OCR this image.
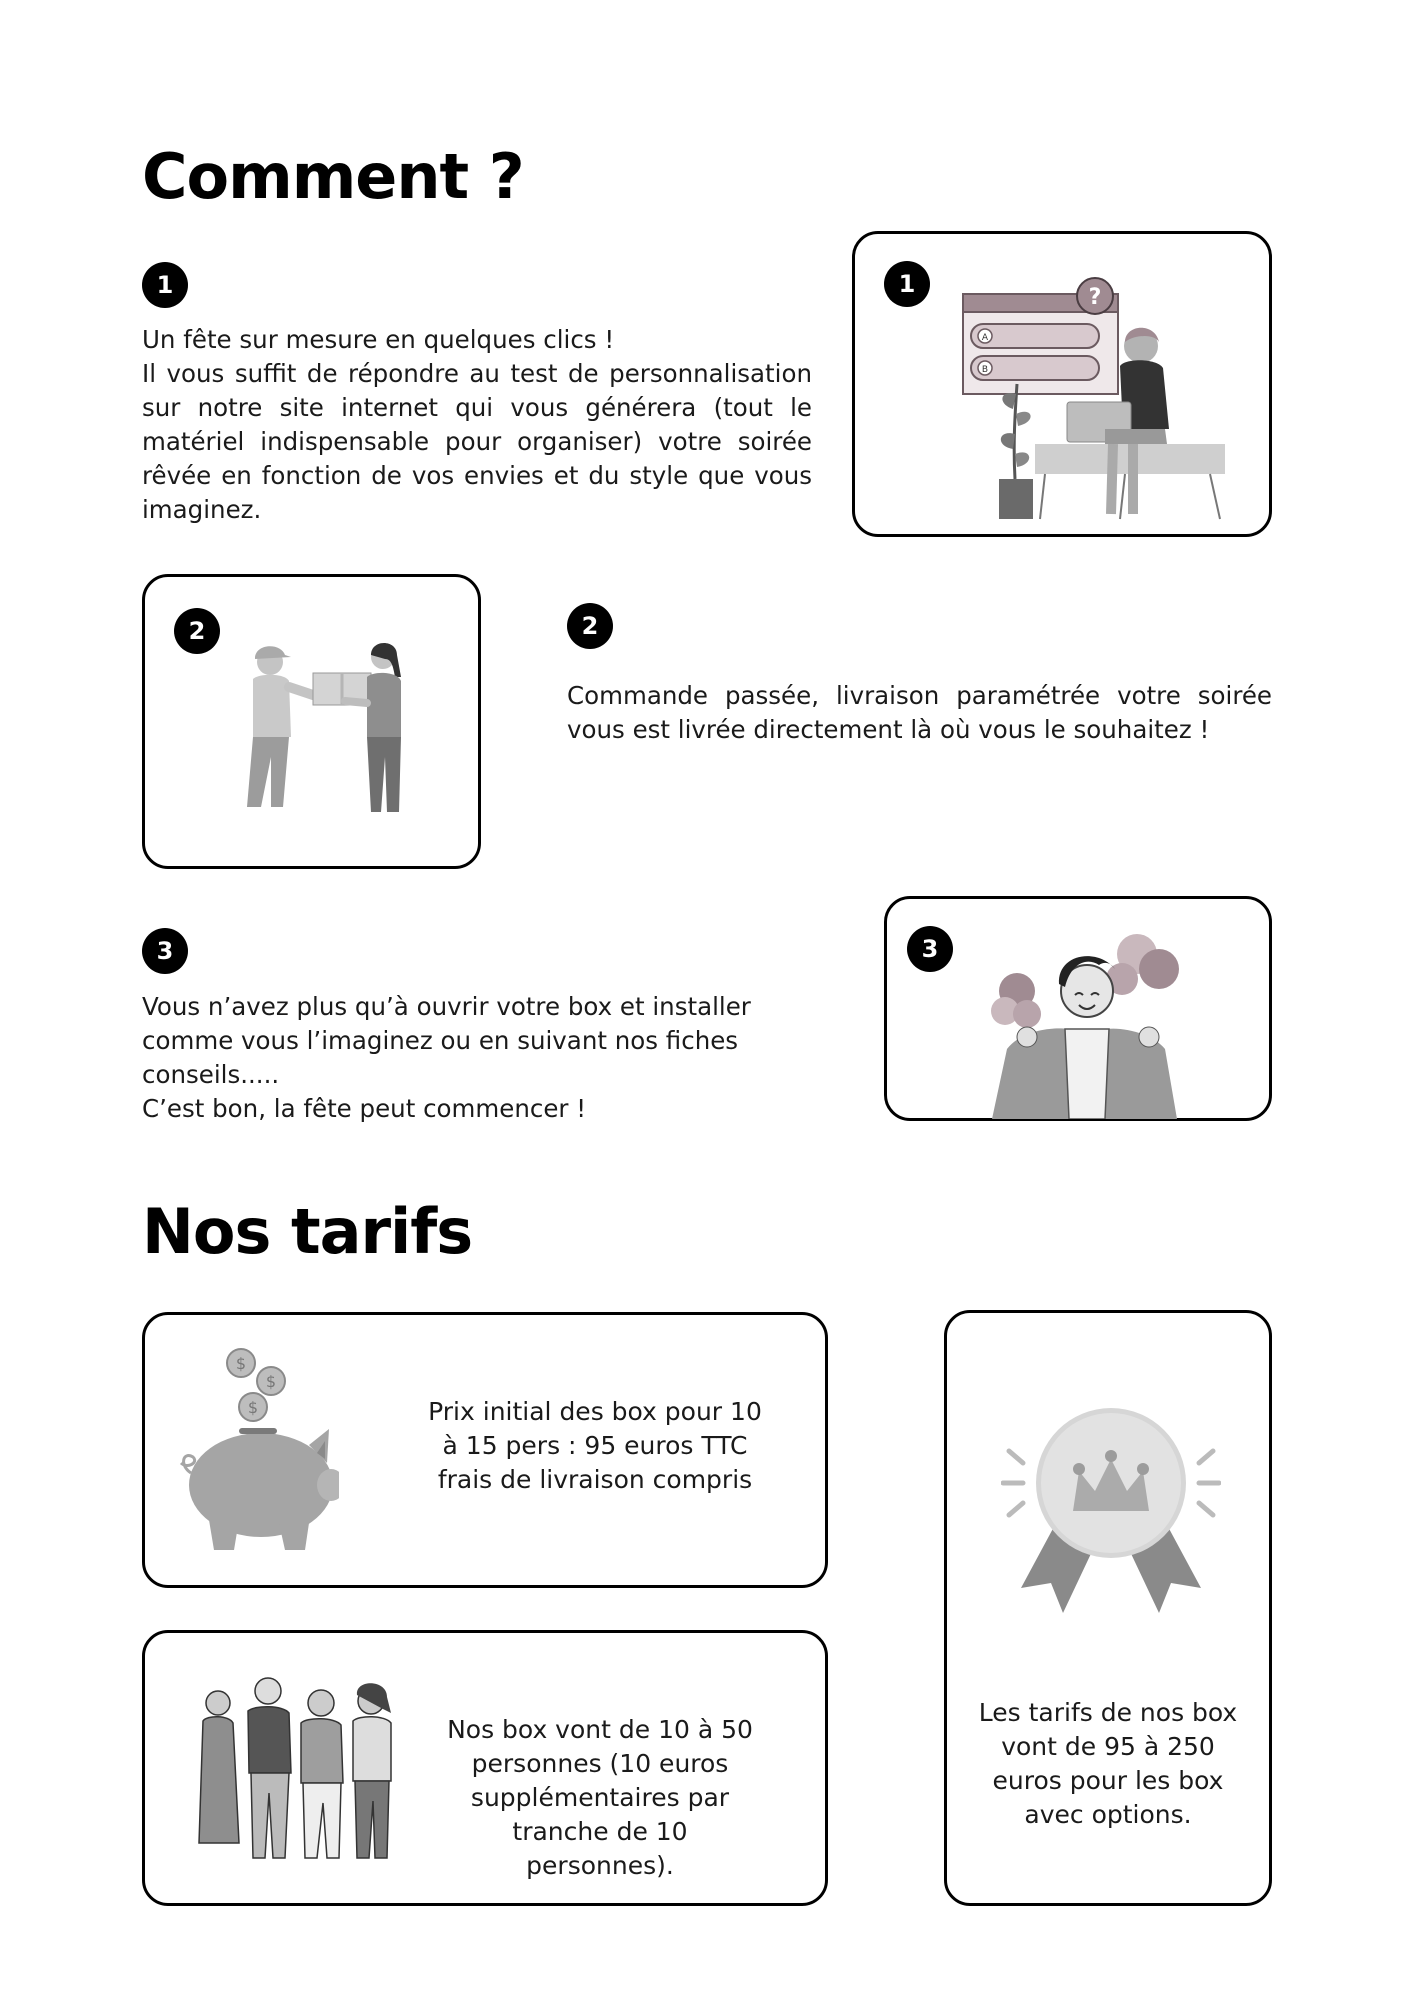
Comment ?
1
Un fête sur mesure en quelques clics !
Il vous suffit de répondre au test de personnalisation sur notre site internet qui vous générera (tout le matériel indispensable pour organiser) votre soirée rêvée en fonction de vos envies et du style que vous imaginez.
1
A
B
?
2	2
Commande passée, livraison paramétrée votre soirée vous est livrée directement là où vous le souhaitez !
3
Vous n’avez plus qu’à ouvrir votre box et installer comme vous l’imaginez ou en suivant nos fiches conseils.....
C’est bon, la fête peut commencer !
3
Nos tarifs
$
$
$	Prix initial des box pour 10 à 15 pers : 95 euros TTC frais de livraison compris
Nos box vont de 10 à 50 personnes (10 euros supplémentaires par tranche de 10 personnes).
Les tarifs de nos box vont de 95 à 250 euros pour les box avec options.
